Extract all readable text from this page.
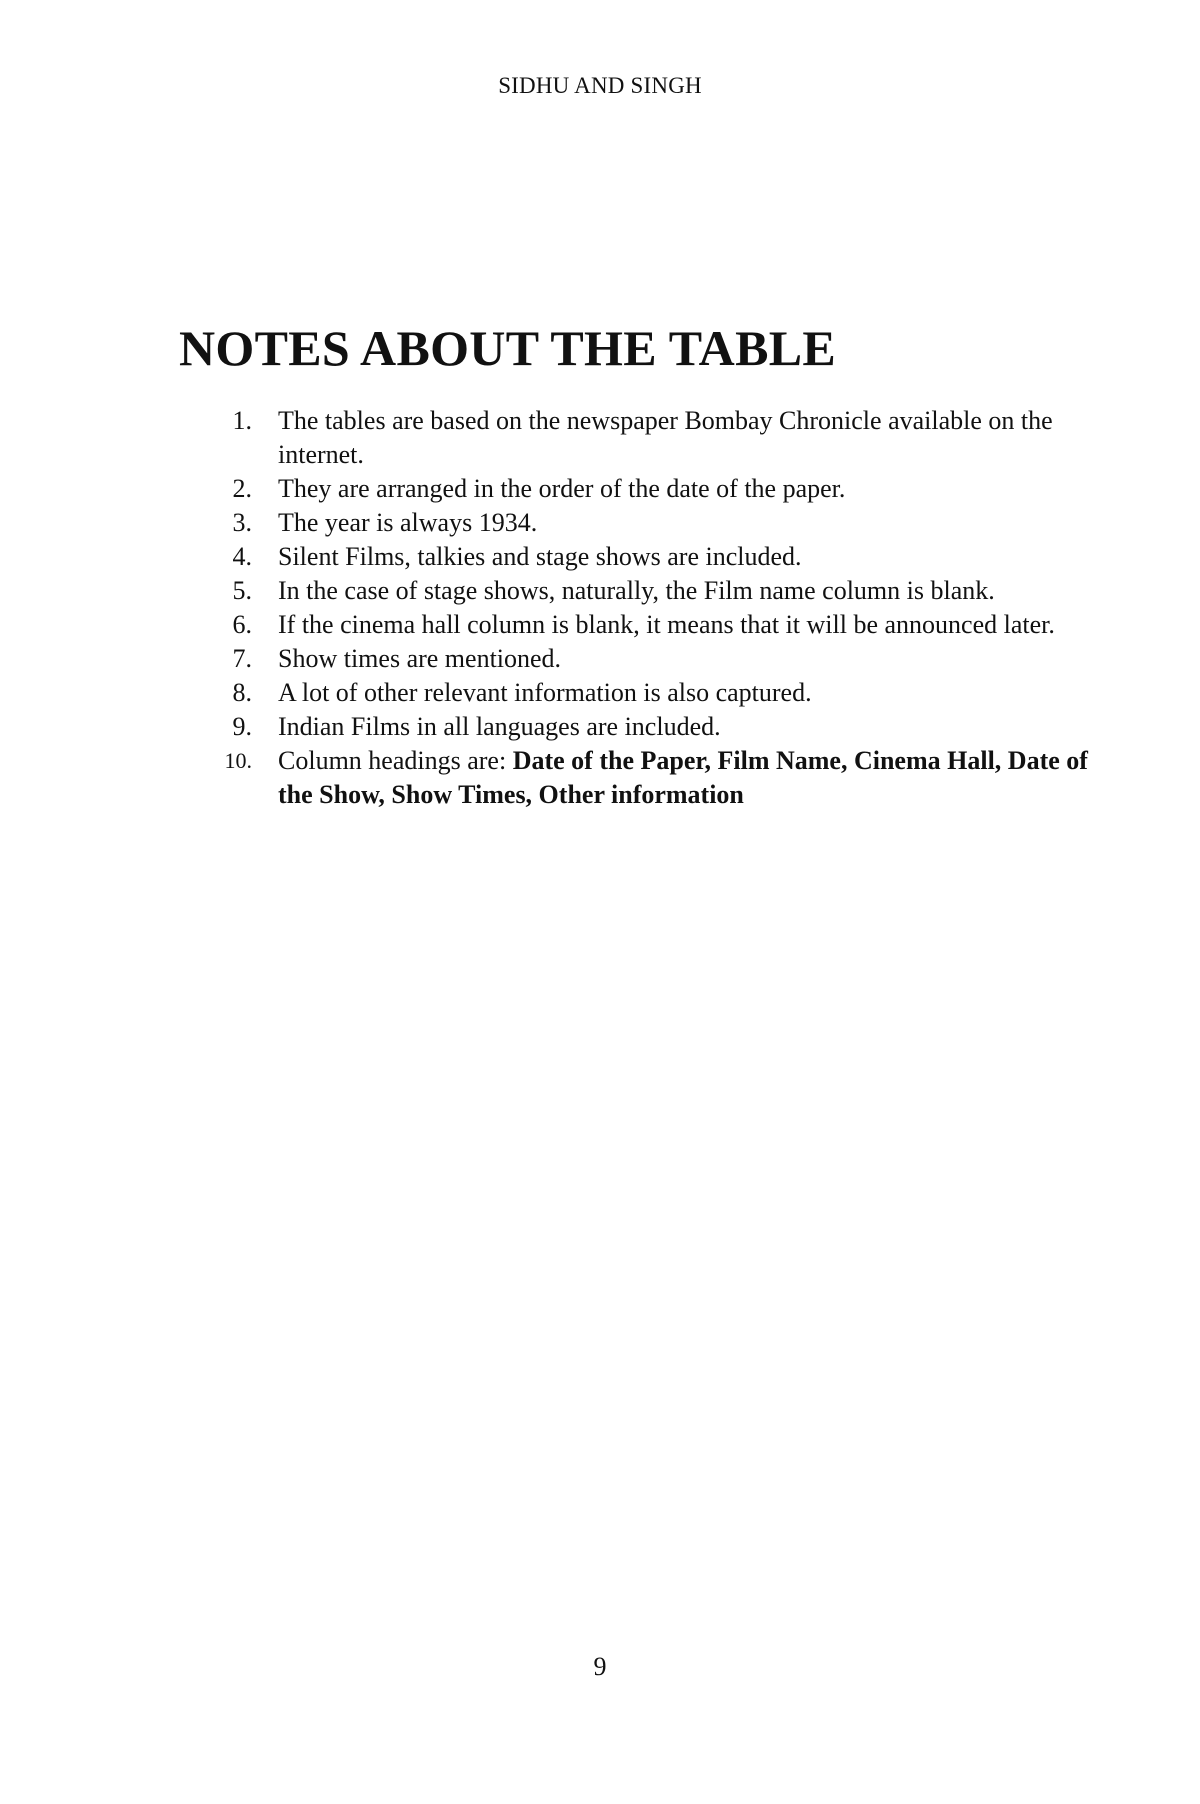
SIDHU AND SINGH
NOTES ABOUT THE TABLE
1. The tables are based on the newspaper Bombay Chronicle available on the internet.
2. They are arranged in the order of the date of the paper.
3. The year is always 1934.
4. Silent Films, talkies and stage shows are included.
5. In the case of stage shows, naturally, the Film name column is blank.
6. If the cinema hall column is blank, it means that it will be announced later.
7. Show times are mentioned.
8. A lot of other relevant information is also captured.
9. Indian Films in all languages are included.
10. Column headings are: Date of the Paper, Film Name, Cinema Hall, Date of the Show, Show Times, Other information
9
